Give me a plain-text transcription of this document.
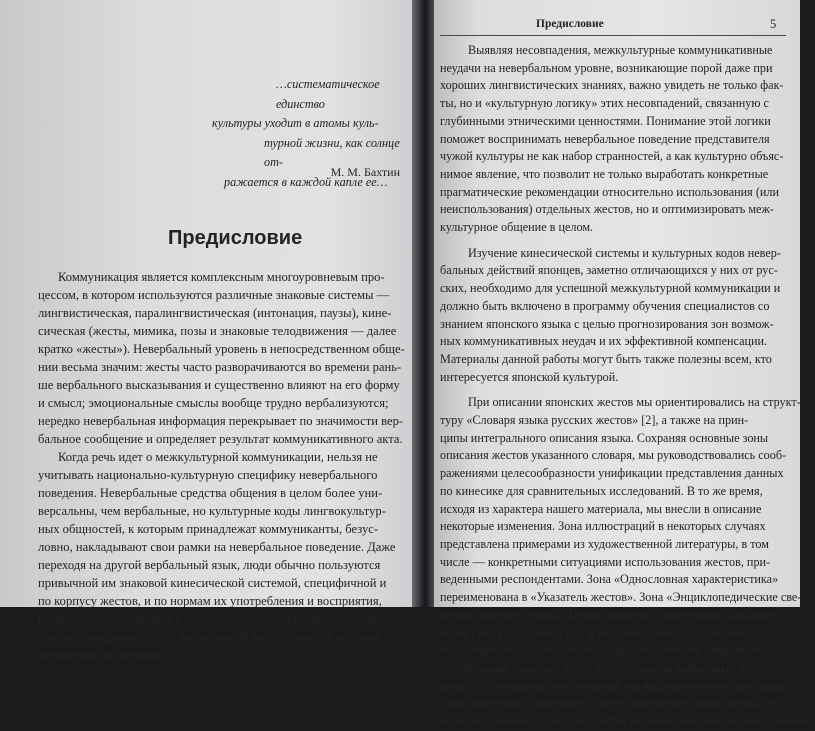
…систематическое единство
культуры уходит в атомы куль-
турной жизни, как солнце от-
ражается в каждой капле ее…
М. М. Бахтин
Предисловие
Коммуникация является комплексным многоуровневым про-
цессом, в котором используются различные знаковые системы —
лингвистическая, паралингвистическая (интонация, паузы), кине-
сическая (жесты, мимика, позы и знаковые телодвижения — далее
кратко «жесты»). Невербальный уровень в непосредственном обще-
нии весьма значим: жесты часто разворачиваются во времени рань-
ше вербального высказывания и существенно влияют на его форму
и смысл; эмоциональные смыслы вообще трудно вербализуются;
нередко невербальная информация перекрывает по значимости вер-
бальное сообщение и определяет результат коммуникативного акта.
Когда речь идет о межкультурной коммуникации, нельзя не
учитывать национально-культурную специфику невербального
поведения. Невербальные средства общения в целом более уни-
версальны, чем вербальные, но культурные коды лингвокультур-
ных общностей, к которым принадлежат коммуниканты, безус-
ловно, накладывают свои рамки на невербальное поведение. Даже
переходя на другой вербальный язык, люди обычно пользуются
привычной им знаковой кинесической системой, специфичной и
по корпусу жестов, и по нормам их употребления и восприятия,
которые глубоко связаны с культурными архетипами, табу, стерео-
типами поведения, общей когнитивной базой этноса, в котором
формировался человек.
Предисловие	5
Выявляя несовпадения, межкультурные коммуникативные
неудачи на невербальном уровне, возникающие порой даже при
хороших лингвистических знаниях, важно увидеть не только фак-
ты, но и «культурную логику» этих несовпадений, связанную с
глубинными этническими ценностями. Понимание этой логики
поможет воспринимать невербальное поведение представителя
чужой культуры не как набор странностей, а как культурно объяс-
нимое явление, что позволит не только выработать конкретные
прагматические рекомендации относительно использования (или
неиспользования) отдельных жестов, но и оптимизировать меж-
культурное общение в целом.
Изучение кинесической системы и культурных кодов невер-
бальных действий японцев, заметно отличающихся у них от рус-
ских, необходимо для успешной межкультурной коммуникации и
должно быть включено в программу обучения специалистов со
знанием японского языка с целью прогнозирования зон возмож-
ных коммуникативных неудач и их эффективной компенсации.
Материалы данной работы могут быть также полезны всем, кто
интересуется японской культурой.
При описании японских жестов мы ориентировались на структ-
туру «Словаря языка русских жестов» [2], а также на прин-
ципы интегрального описания языка. Сохраняя основные зоны
описания жестов указанного словаря, мы руководствовались сооб-
ражениями целесообразности унификации представления данных
по кинесике для сравнительных исследований. В то же время,
исходя из характера нашего материала, мы внесли в описание
некоторые изменения. Зона иллюстраций в некоторых случаях
представлена примерами из художественной литературы, в том
числе — конкретными ситуациями использования жестов, при-
веденными респондентами. Зона «Однословная характеристика»
переименована в «Указатель жестов». Зона «Энциклопедические све-
дения» заменена зоной «Происхождение / пояснения». Добавлена
новая графа «Узуальность», в которой приводятся сведения
об употребительности жестов с характеристиками информанта-
ми-японцами знаковых форм по ими самими выбранным крите-
риям. На основании этих сведений мы выделяем употребительные
(прагматически освоенные) и менее употребительные жесты, что
позволило выявить центр и периферию кинесической системы японцев.
